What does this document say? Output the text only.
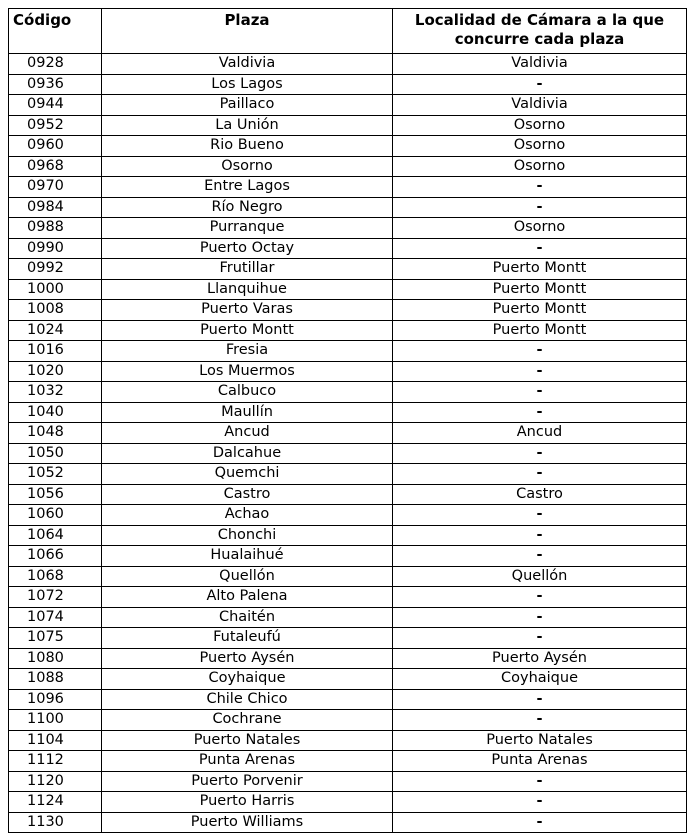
Código	Plaza	Localidad de Cámara a la que concurre cada plaza
0928	Valdivia	Valdivia
0936	Los Lagos	-
0944	Paillaco	Valdivia
0952	La Unión	Osorno
0960	Rio Bueno	Osorno
0968	Osorno	Osorno
0970	Entre Lagos	-
0984	Río Negro	-
0988	Purranque	Osorno
0990	Puerto Octay	-
0992	Frutillar	Puerto Montt
1000	Llanquihue	Puerto Montt
1008	Puerto Varas	Puerto Montt
1024	Puerto Montt	Puerto Montt
1016	Fresia	-
1020	Los Muermos	-
1032	Calbuco	-
1040	Maullín	-
1048	Ancud	Ancud
1050	Dalcahue	-
1052	Quemchi	-
1056	Castro	Castro
1060	Achao	-
1064	Chonchi	-
1066	Hualaihué	-
1068	Quellón	Quellón
1072	Alto Palena	-
1074	Chaitén	-
1075	Futaleufú	-
1080	Puerto Aysén	Puerto Aysén
1088	Coyhaique	Coyhaique
1096	Chile Chico	-
1100	Cochrane	-
1104	Puerto Natales	Puerto Natales
1112	Punta Arenas	Punta Arenas
1120	Puerto Porvenir	-
1124	Puerto Harris	-
1130	Puerto Williams	-
